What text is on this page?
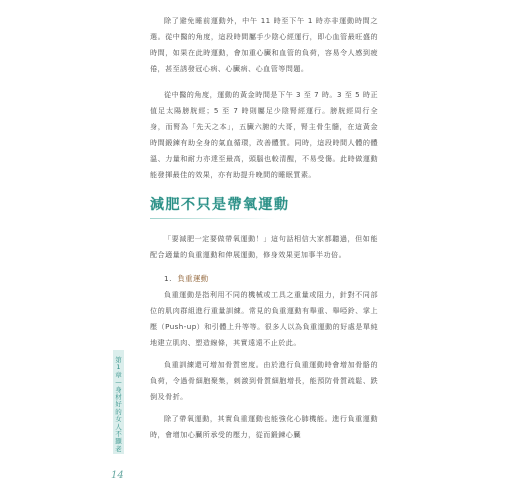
除了避免睡前運動外，中午 11 時至下午 1 時亦非運動時間之選。從中醫的角度，這段時間屬手少陰心經運行，即心血管最旺盛的時間，如果在此時運動，會加重心臟和血管的負荷，容易令人感到疲倦，甚至誘發冠心病、心臟病、心血管等問題。

從中醫的角度，運動的黃金時間是下午 3 至 7 時。3 至 5 時正值足太陽膀胱經；5 至 7 時則屬足少陰腎經運行。膀胱經周行全身，而腎為「先天之本」，五臟六腑的大哥，腎主骨生髓，在這黃金時間鍛鍊有助全身的氣血循環，改善體質。同時，這段時間人體的體溫、力量和耐力亦達至最高，頭腦也較清醒，不易受傷。此時做運動能發揮最佳的效果，亦有助提升晚間的睡眠質素。

減肥不只是帶氧運動

「要減肥一定要做帶氧運動！」這句話相信大家都聽過，但如能配合適量的負重運動和伸展運動，修身效果更加事半功倍。

1. 負重運動

負重運動是指利用不同的機械或工具之重量或阻力，針對不同部位的肌肉群組進行重量訓練。常見的負重運動有舉重、舉啞鈴、掌上壓（Push-up）和引體上升等等。很多人以為負重運動的好處是單純地建立肌肉、塑造線條，其實遠遠不止於此。

負重訓練還可增加骨質密度。由於進行負重運動時會增加骨骼的負荷，令過骨細胞聚集，刺激到骨質細胞增長，能預防骨質疏鬆、跌倒及骨折。

除了帶氧運動，其實負重運動也能強化心肺機能。進行負重運動時，會增加心臟所承受的壓力，從而鍛鍊心臟

第1章
—
身材好的女人不顯老
14
